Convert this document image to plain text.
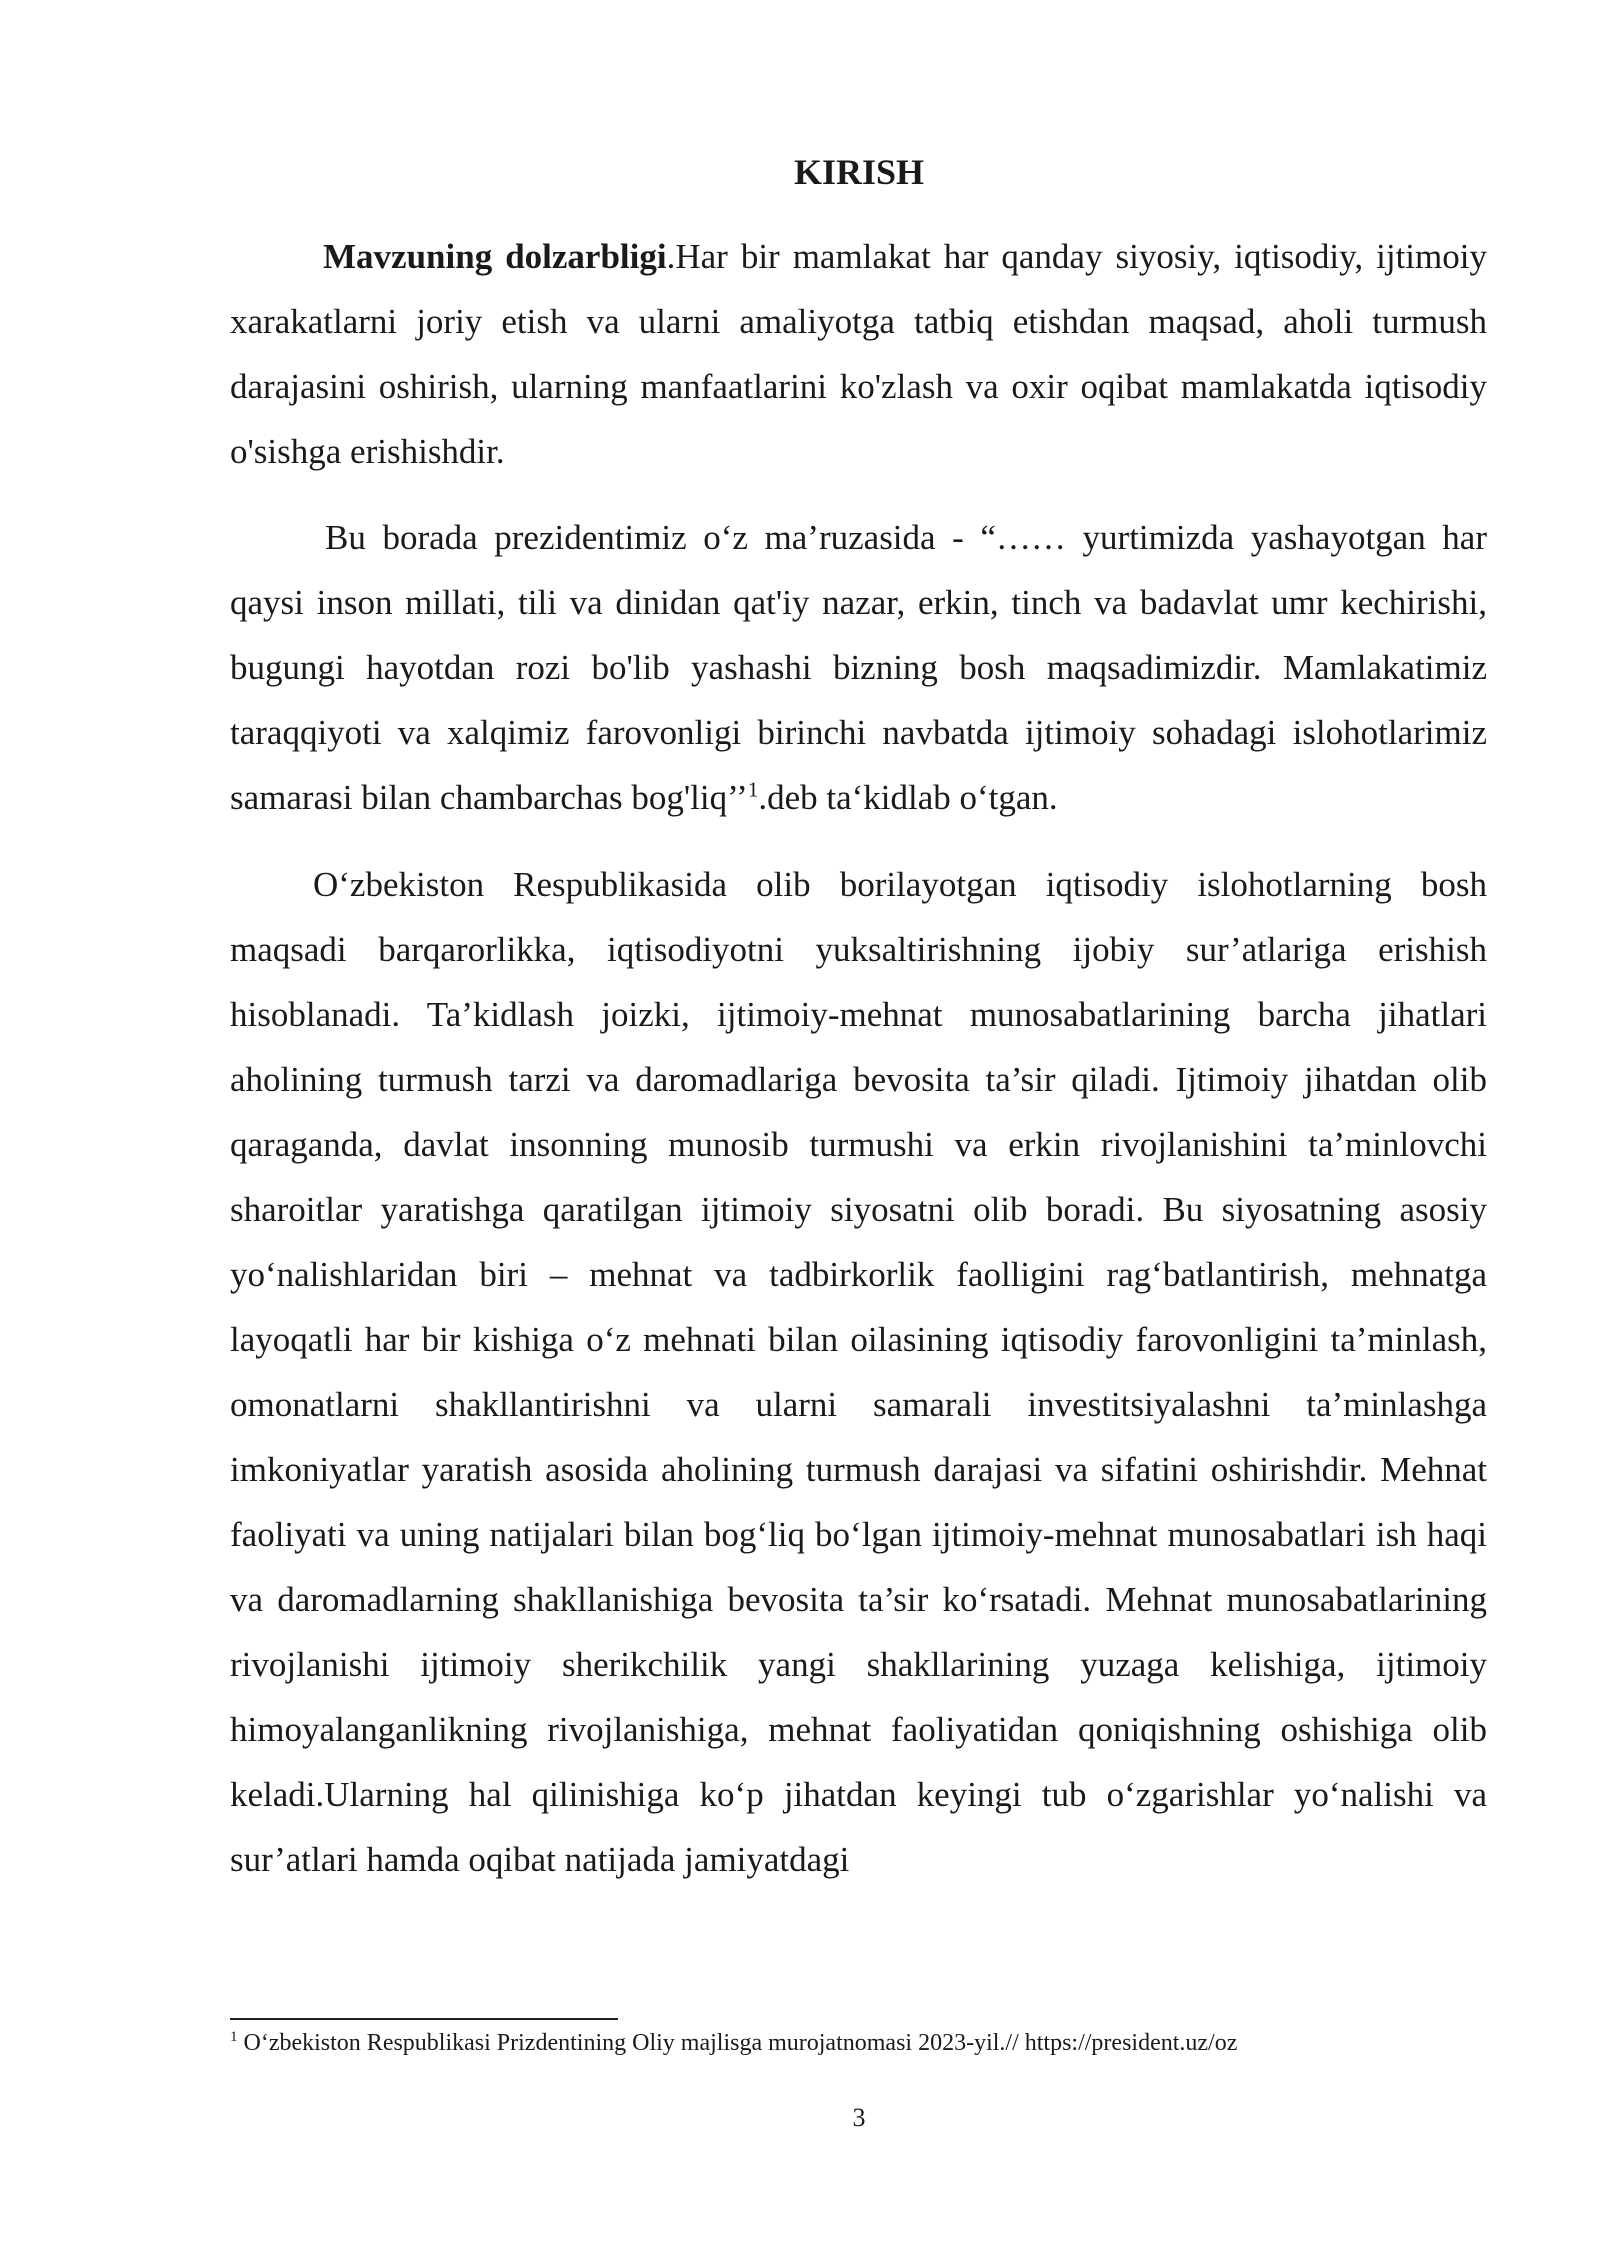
KIRISH

Mavzuning dolzarbligi.Har bir mamlakat har qanday siyosiy, iqtisodiy, ijtimoiy xarakatlarni joriy etish va ularni amaliyotga tatbiq etishdan maqsad, aholi turmush darajasini oshirish, ularning manfaatlarini ko'zlash va oxir oqibat mamlakatda iqtisodiy o'sishga erishishdir.

Bu borada prezidentimiz o‘z ma’ruzasida - “…… yurtimizda yashayotgan har qaysi inson millati, tili va dinidan qat'iy nazar, erkin, tinch va badavlat umr kechirishi, bugungi hayotdan rozi bo'lib yashashi bizning bosh maqsadimizdir. Mamlakatimiz taraqqiyoti va xalqimiz farovonligi birinchi navbatda ijtimoiy sohadagi islohotlarimiz samarasi bilan chambarchas bog'liq’’$^1$.deb ta‘kidlab o‘tgan.

O‘zbekiston Respublikasida olib borilayotgan iqtisodiy islohotlarning bosh maqsadi barqarorlikka, iqtisodiyotni yuksaltirishning ijobiy sur’atlariga erishish hisoblanadi. Ta’kidlash joizki, ijtimoiy-mehnat munosabatlarining barcha jihatlari aholining turmush tarzi va daromadlariga bevosita ta’sir qiladi. Ijtimoiy jihatdan olib qaraganda, davlat insonning munosib turmushi va erkin rivojlanishini ta’minlovchi sharoitlar yaratishga qaratilgan ijtimoiy siyosatni olib boradi. Bu siyosatning asosiy yo‘nalishlaridan biri – mehnat va tadbirkorlik faolligini rag‘batlantirish, mehnatga layoqatli har bir kishiga o‘z mehnati bilan oilasining iqtisodiy farovonligini ta’minlash, omonatlarni shakllantirishni va ularni samarali investitsiyalashni ta’minlashga imkoniyatlar yaratish asosida aholining turmush darajasi va sifatini oshirishdir. Mehnat faoliyati va uning natijalari bilan bog‘liq bo‘lgan ijtimoiy-mehnat munosabatlari ish haqi va daromadlarning shakllanishiga bevosita ta’sir ko‘rsatadi. Mehnat munosabatlarining rivojlanishi ijtimoiy sherikchilik yangi shakllarining yuzaga kelishiga, ijtimoiy himoyalanganlikning rivojlanishiga, mehnat faoliyatidan qoniqishning oshishiga olib keladi.Ularning hal qilinishiga ko‘p jihatdan keyingi tub o‘zgarishlar yo‘nalishi va sur’atlari hamda oqibat natijada jamiyatdagi

$^1$ O‘zbekiston Respublikasi Prizdentining Oliy majlisga murojatnomasi 2023-yil.// https://president.uz/oz
3
